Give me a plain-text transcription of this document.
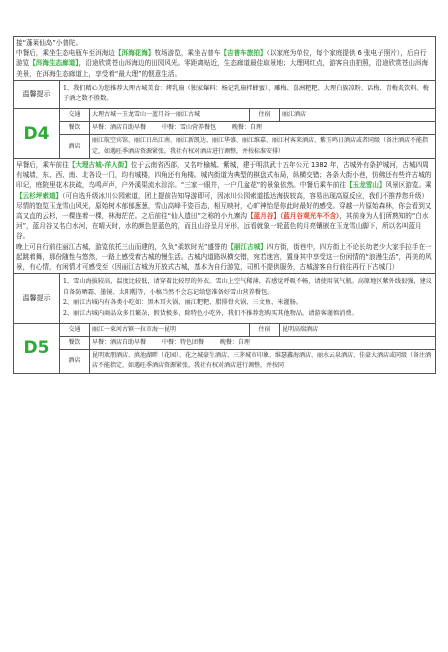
接“蓬莱仙岛”小普陀。
中餐后，乘坐生态电瓶车至洱海边【洱海花海】牧场游览，乘坐吉普车【吉普车旅拍】（以家庭为单位，每个家庭提供 6 张电子照片），后自行游览【洱海生态廊道】，沿途欣赏苍山洱海边的田园风光。零距离贴近，生态廊道最佳取景地；大理网红点，游客自由拍照，沿途欣赏苍山洱海美景，在洱海生态廊道上，享受着“最大理”的惬意生活。				

温馨提示	1、我们精心为您推荐大理古城美食：烤乳扇（独家爆料：杨记乳扇拌蜂蜜）、雕梅、喜洲粑粑、大理白族凉粉、话梅、青梅炙饮料、梅子酒之数不胜数。			
D4	交通	大理古城一玉龙雪山一蓝月谷一丽江古城	住宿	丽江酒店
	餐饮	早餐：酒店自助早餐 中餐：雪山营养餐包 晚餐：自理		
	酒店	丽江航空宾馆、丽江日出江南、丽江新凯达、丽江华盛、丽江维嘉、丽江村客来酒店、紫玉鸣日酒店或者同级（备注酒店不能指定，如遇旺季酒店资源紧张，我社有权对酒店进行调整，并按标准安排）		
早餐后，乘车前往【大理古城-洋人街】位于云南省西部，又名叶榆城、紫城，建于明洪武十五年公元 1382 年，古城外有条护城河，古城四周有城墙，东、西、南、北各设一门，均有城楼，四角还有角楼。城内街道为典型的棋盘式布局，纵横交错；各条大街小巷，仿佛还有些许古城的印记，庭院里花木扶疏，鸟鸣声声，户外溪渠流水淙淙。“三家一眼井，一户几盆花”的景象依然。中餐后乘车前往【玉龙雪山】风景区游览。乘【云杉坪索道】（可自选升级冰川公园索道，团上提前告知导游即可，因冰川公园索道抵达海拔较高，容易出现高原反应，我们不推荐您升级）尽情的饱览玉龙雪山风光，原始树木郁郁葱葱，雪山高峰千姿百态，相互映衬，心旷神怡是你此时最好的感受。穿越一片原始森林，你会看到又高又直的云杉，一棵连着一棵，林海茫茫。之后前往“仙人遗田”之称的小九寨沟【蓝月谷】（蓝月谷观光车不含），其前身为人们所熟知的“白水河”，蓝月谷又名白水河，在晴天时，水的颜色是蓝色的，而且山谷呈月牙形，远看就象一轮蓝色的月亮镶嵌在玉龙雪山脚下，所以名叫蓝月谷。
晚上可自行前往丽江古城，游览依托三山而建的，久负“柔软时光”盛誉的【丽江古城】四方街，街巷中，四方街上不论长幼老少大家手拉手在一起跳着舞，那份随性与悠然，一路上感受着古城的慢生活。古城内道路纵横交错，宛若迷宫，置身其中享受这一份闲情的“浪漫生活”，再美的风景，有心情，有闲情才可感受至（因丽江古城为开放式古城，基本为自行游览，司机不提供服务，古城游客自行前往再行下古城门）				
温馨提示	1、雪山海拔较高，温度比较低，请穿着比较厚的外衣。雪山上空气稀薄，若感觉呼吸不畅，请使用氧气瓶。高原地区紫外线很强，建议自备防晒霜、墨镜、太阳帽等，小稿当然不会忘记给您准备好雪山营养餐包。
2、丽江古城内有各类小吃如：黑木耳火锅、丽江粑粑、腊排骨火锅、三文鱼、米灌肠。
2、丽江古城内商品众多且繁杂，假货极多，除特色小吃外，我们不推荐您购买其他物品，请游客谨慎消费。			

D5	交通	丽江一束河古镇一拉市海一昆明	住宿	昆明高端酒店
	餐饮	早餐：酒店自助早餐 中餐：特色团餐 晚餐：自理		
	酒店	昆明欢朋酒店、滇池湖畔（花园）、花之城豪生酒店、三茅城市印象、维瑟鑫海酒店、丽水云泉酒店、佳豪大酒店或同级（备注酒店不能指定，如遇旺季酒店资源紧张，我社有权对酒店进行调整，并按同		
